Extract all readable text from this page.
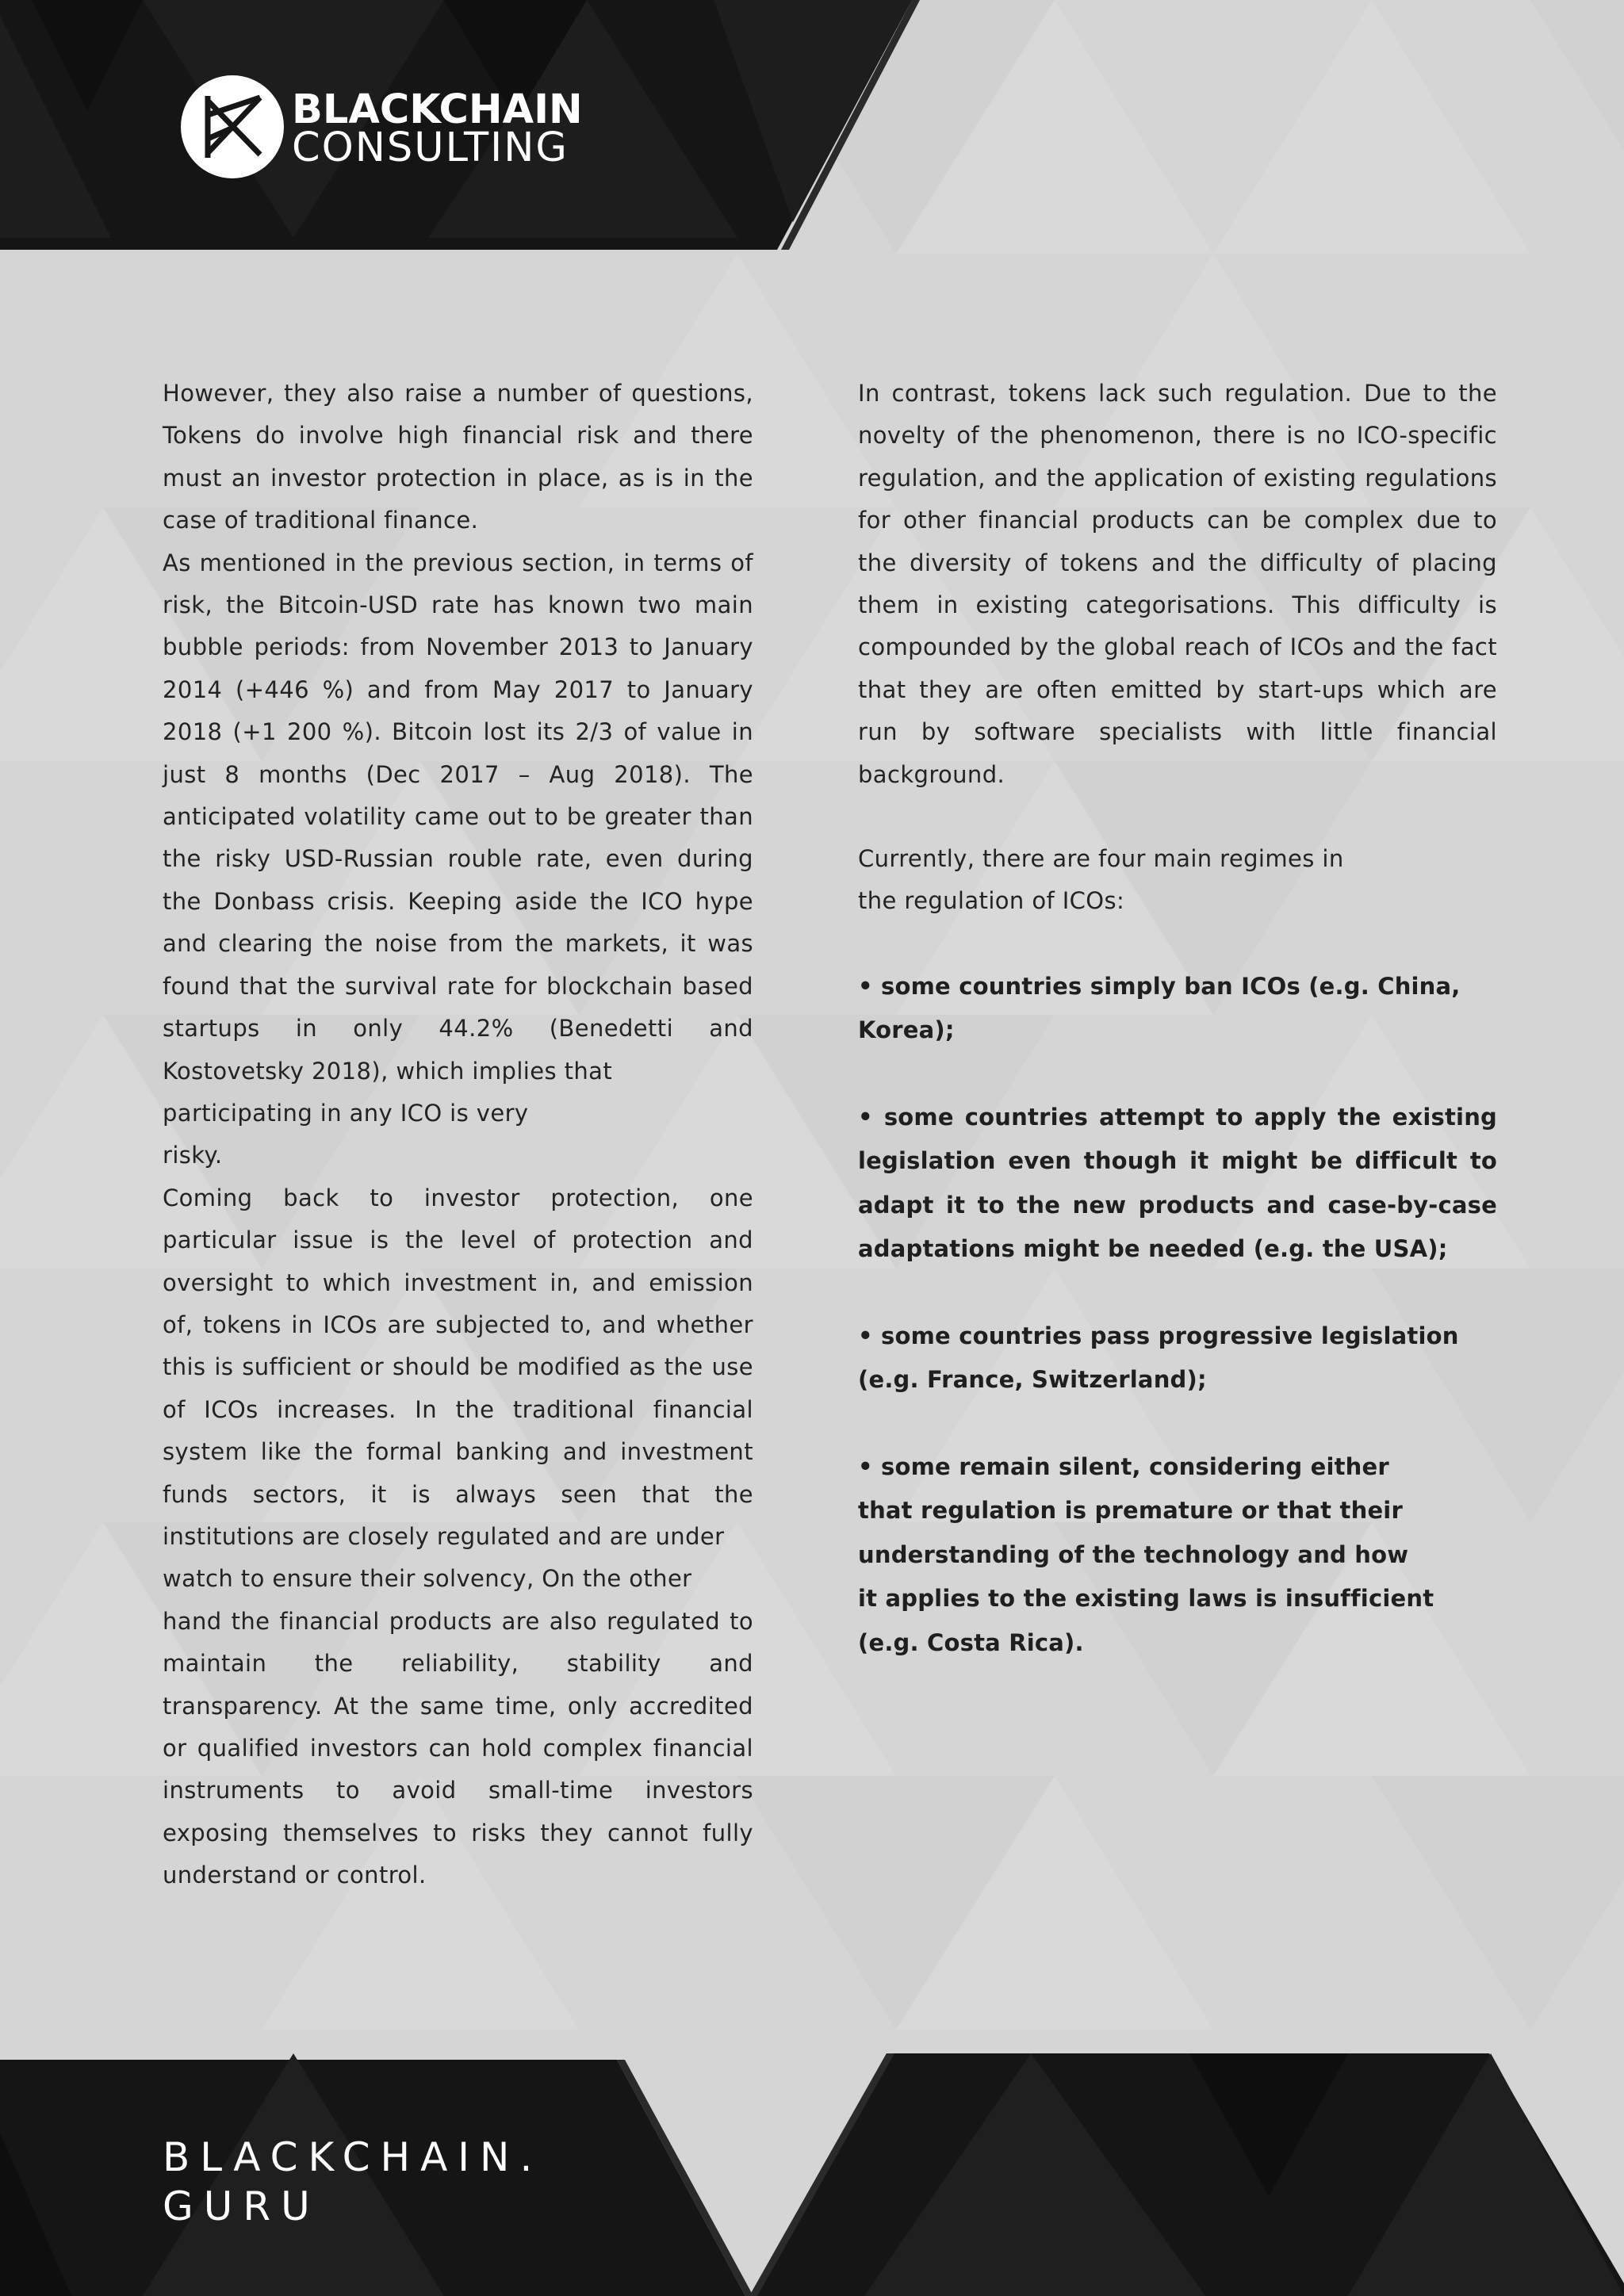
BLACKCHAIN
CONSULTING

However, they also raise a number of questions, Tokens do involve high financial risk and there must an investor protection in place, as is in the case of traditional finance.

As mentioned in the previous section, in terms of risk, the Bitcoin-USD rate has known two main bubble periods: from November 2013 to January 2014 (+446 %) and from May 2017 to January 2018 (+1 200 %). Bitcoin lost its 2/3 of value in just 8 months (Dec 2017 – Aug 2018). The anticipated volatility came out to be greater than the risky USD-Russian rouble rate, even during the Donbass crisis. Keeping aside the ICO hype and clearing the noise from the markets, it was found that the survival rate for blockchain based startups in only 44.2% (Benedetti and Kostovetsky 2018), which implies that

participating in any ICO is very

risky.

Coming back to investor protection, one particular issue is the level of protection and oversight to which investment in, and emission of, tokens in ICOs are subjected to, and whether this is sufficient or should be modified as the use of ICOs increases. In the traditional financial system like the formal banking and investment funds sectors, it is always seen that the institutions are closely regulated and are under

watch to ensure their solvency, On the other

hand the financial products are also regulated to maintain the reliability, stability and transparency. At the same time, only accredited or qualified investors can hold complex financial instruments to avoid small-time investors exposing themselves to risks they cannot fully understand or control.

In contrast, tokens lack such regulation. Due to the novelty of the phenomenon, there is no ICO-specific regulation, and the application of existing regulations for other financial products can be complex due to the diversity of tokens and the difficulty of placing them in existing categorisations. This difficulty is compounded by the global reach of ICOs and the fact that they are often emitted by start-ups which are run by software specialists with little financial background.

Currently, there are four main regimes in

the regulation of ICOs:

• some countries simply ban ICOs (e.g. China,

Korea);

• some countries attempt to apply the existing legislation even though it might be difficult to adapt it to the new products and case-by-case adaptations might be needed (e.g. the USA);

• some countries pass progressive legislation

(e.g. France, Switzerland);

• some remain silent, considering either

that regulation is premature or that their

understanding of the technology and how

it applies to the existing laws is insufficient

(e.g. Costa Rica).

BLACKCHAIN.
GURU
